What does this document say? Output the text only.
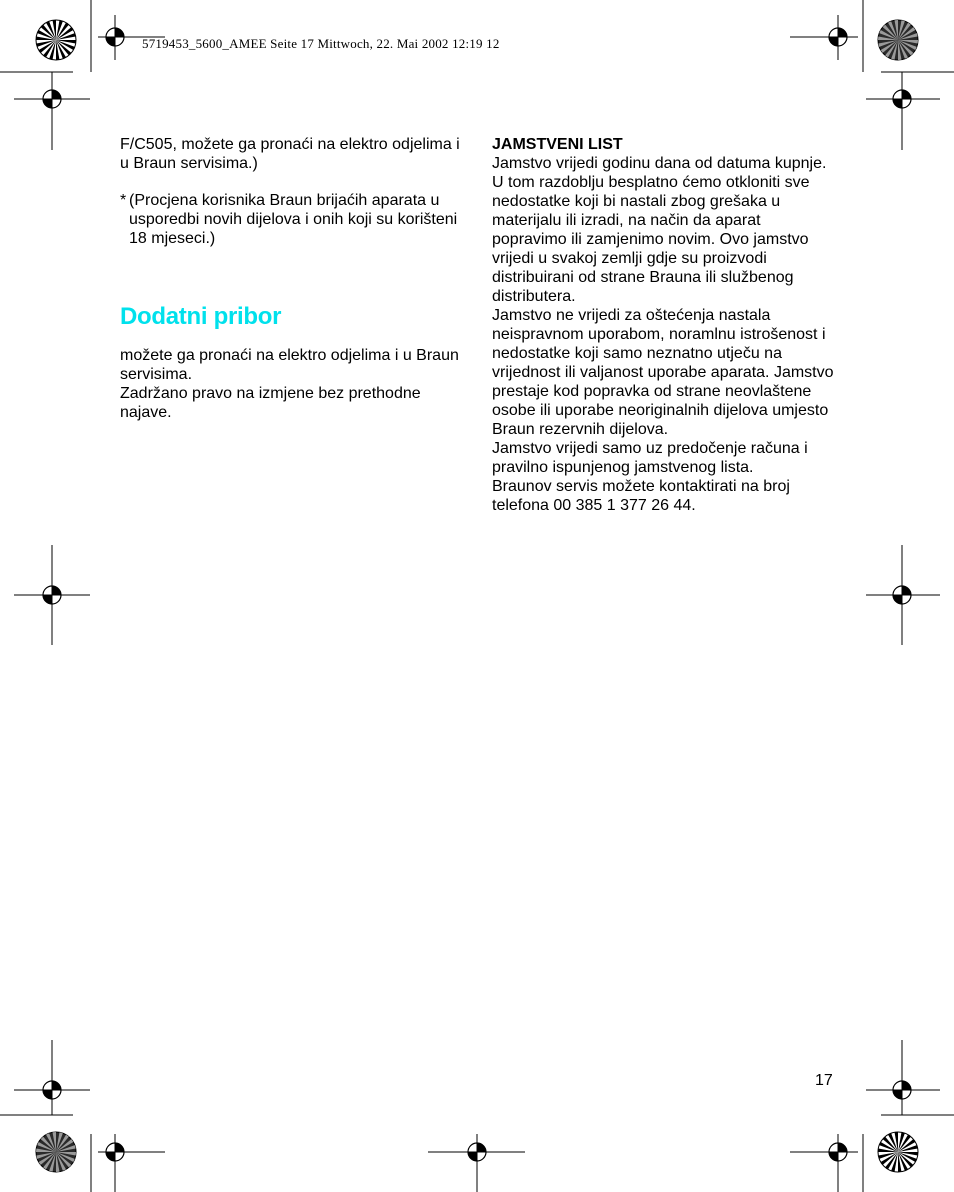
5719453_5600_AMEE Seite 17 Mittwoch, 22. Mai 2002 12:19 12

F/C505, možete ga pronaći na elektro odjelima i u Braun servisima.)

* (Procjena korisnika Braun brijaćih aparata u usporedbi novih dijelova i onih koji su korišteni 18 mjeseci.)
Dodatni pribor

možete ga pronaći na elektro odjelima i u Braun servisima.

Zadržano pravo na izmjene bez prethodne najave.

JAMSTVENI LIST

Jamstvo vrijedi godinu dana od datuma kupnje. U tom razdoblju besplatno ćemo otkloniti sve nedostatke koji bi nastali zbog grešaka u materijalu ili izradi, na način da aparat popravimo ili zamjenimo novim. Ovo jamstvo vrijedi u svakoj zemlji gdje su proizvodi distribuirani od strane Brauna ili službenog distributera.

Jamstvo ne vrijedi za oštećenja nastala neispravnom uporabom, noramlnu istrošenost i nedostatke koji samo neznatno utječu na vrijednost ili valjanost uporabe aparata. Jamstvo prestaje kod popravka od strane neovlaštene osobe ili uporabe neoriginalnih dijelova umjesto Braun rezervnih dijelova.

Jamstvo vrijedi samo uz predočenje računa i pravilno ispunjenog jamstvenog lista.

Braunov servis možete kontaktirati na broj telefona 00 385 1 377 26 44.

17
